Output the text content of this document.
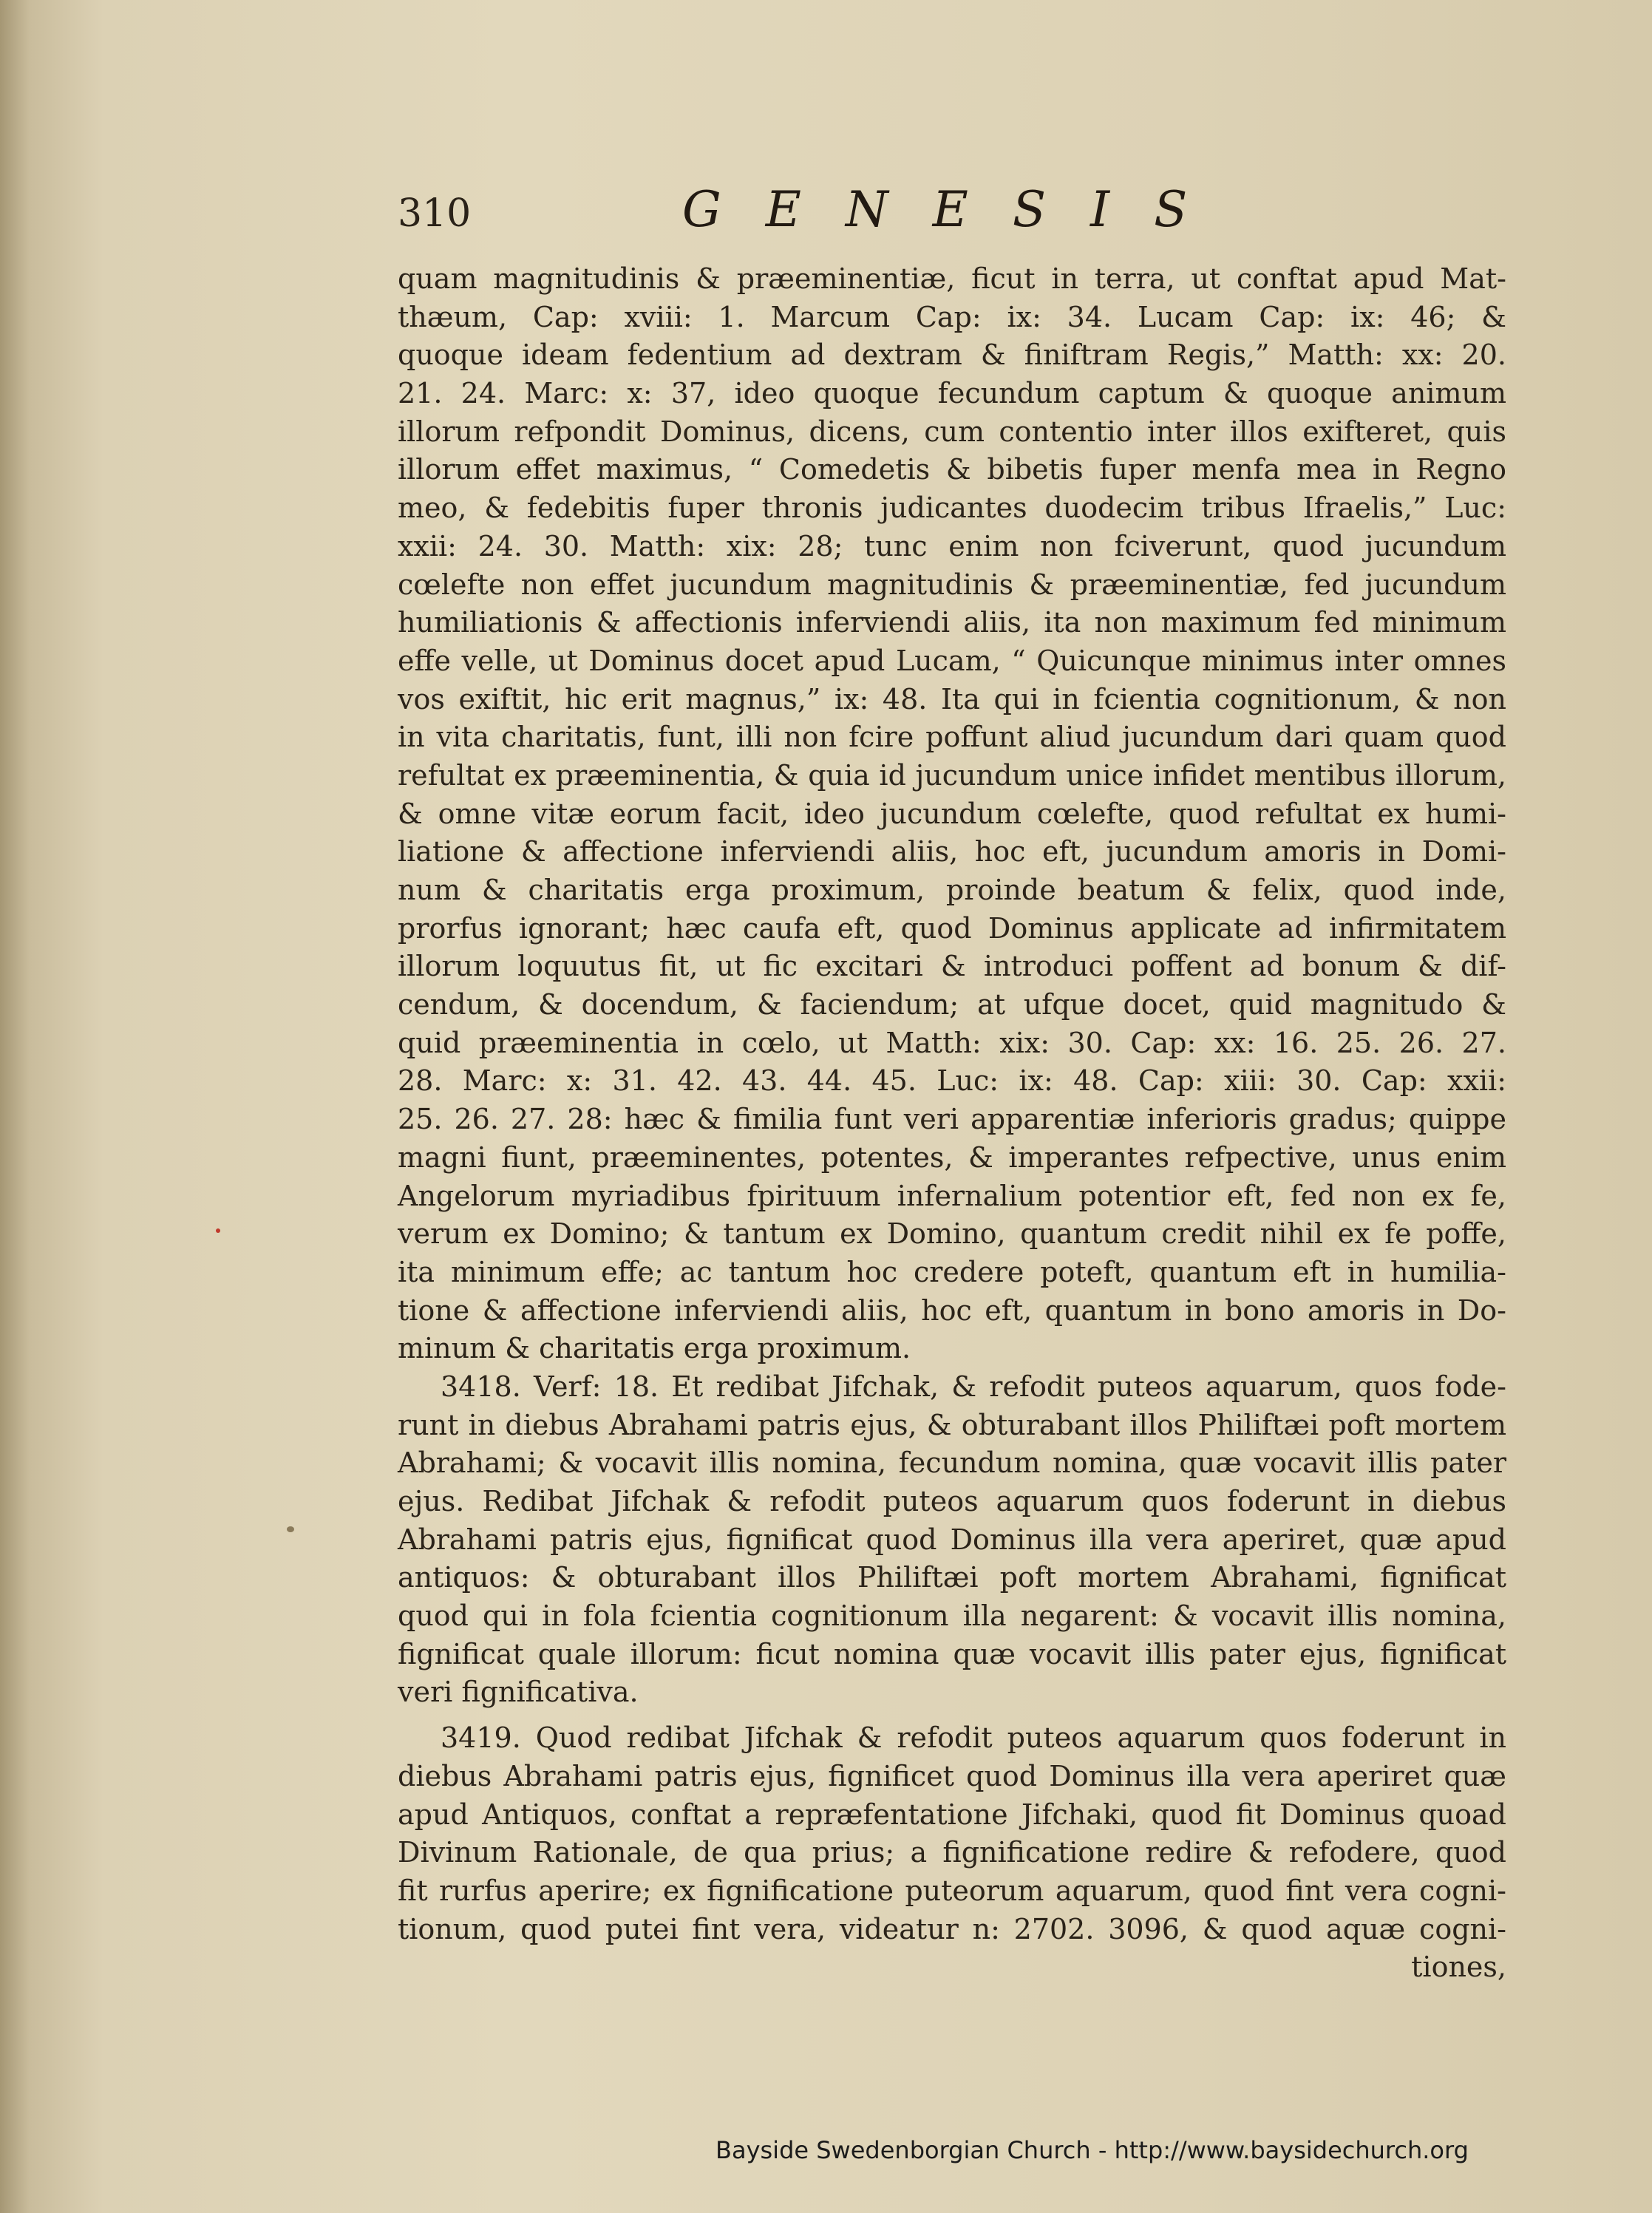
310	GENESIS
quam magnitudinis & præeminentiæ, ficut in terra, ut conftat apud Mat-
thæum, Cap: xviii: 1. Marcum Cap: ix: 34. Lucam Cap: ix: 46; &
quoque ideam fedentium ad dextram & finiftram Regis,” Matth: xx: 20.
21. 24. Marc: x: 37, ideo quoque fecundum captum & quoque animum
illorum refpondit Dominus, dicens, cum contentio inter illos exifteret, quis
illorum effet maximus, “ Comedetis & bibetis fuper menfa mea in Regno
meo, & fedebitis fuper thronis judicantes duodecim tribus Ifraelis,” Luc:
xxii: 24. 30. Matth: xix: 28; tunc enim non fciverunt, quod jucundum
cœlefte non effet jucundum magnitudinis & præeminentiæ, fed jucundum
humiliationis & affectionis inferviendi aliis, ita non maximum fed minimum
effe velle, ut Dominus docet apud Lucam, “ Quicunque minimus inter omnes
vos exiftit, hic erit magnus,” ix: 48. Ita qui in fcientia cognitionum, & non
in vita charitatis, funt, illi non fcire poffunt aliud jucundum dari quam quod
refultat ex præeminentia, & quia id jucundum unice infidet mentibus illorum,
& omne vitæ eorum facit, ideo jucundum cœlefte, quod refultat ex humi-
liatione & affectione inferviendi aliis, hoc eft, jucundum amoris in Domi-
num & charitatis erga proximum, proinde beatum & felix, quod inde,
prorfus ignorant; hæc caufa eft, quod Dominus applicate ad infirmitatem
illorum loquutus fit, ut fic excitari & introduci poffent ad bonum & dif-
cendum, & docendum, & faciendum; at ufque docet, quid magnitudo &
quid præeminentia in cœlo, ut Matth: xix: 30. Cap: xx: 16. 25. 26. 27.
28. Marc: x: 31. 42. 43. 44. 45. Luc: ix: 48. Cap: xiii: 30. Cap: xxii:
25. 26. 27. 28: hæc & fimilia funt veri apparentiæ inferioris gradus; quippe
magni fiunt, præeminentes, potentes, & imperantes refpective, unus enim
Angelorum myriadibus fpirituum infernalium potentior eft, fed non ex fe,
verum ex Domino; & tantum ex Domino, quantum credit nihil ex fe poffe,
ita minimum effe; ac tantum hoc credere poteft, quantum eft in humilia-
tione & affectione inferviendi aliis, hoc eft, quantum in bono amoris in Do-
minum & charitatis erga proximum.
3418. Verf: 18. Et redibat Jifchak, & refodit puteos aquarum, quos fode-
runt in diebus Abrahami patris ejus, & obturabant illos Philiftæi poft mortem
Abrahami; & vocavit illis nomina, fecundum nomina, quæ vocavit illis pater
ejus. Redibat Jifchak & refodit puteos aquarum quos foderunt in diebus
Abrahami patris ejus, fignificat quod Dominus illa vera aperiret, quæ apud
antiquos: & obturabant illos Philiftæi poft mortem Abrahami, fignificat
quod qui in fola fcientia cognitionum illa negarent: & vocavit illis nomina,
fignificat quale illorum: ficut nomina quæ vocavit illis pater ejus, fignificat
veri fignificativa.
3419. Quod redibat Jifchak & refodit puteos aquarum quos foderunt in
diebus Abrahami patris ejus, fignificet quod Dominus illa vera aperiret quæ
apud Antiquos, conftat a repræfentatione Jifchaki, quod fit Dominus quoad
Divinum Rationale, de qua prius; a fignificatione redire & refodere, quod
fit rurfus aperire; ex fignificatione puteorum aquarum, quod fint vera cogni-
tionum, quod putei fint vera, videatur n: 2702. 3096, & quod aquæ cogni-
tiones,
Bayside Swedenborgian Church - http://www.baysidechurch.org
